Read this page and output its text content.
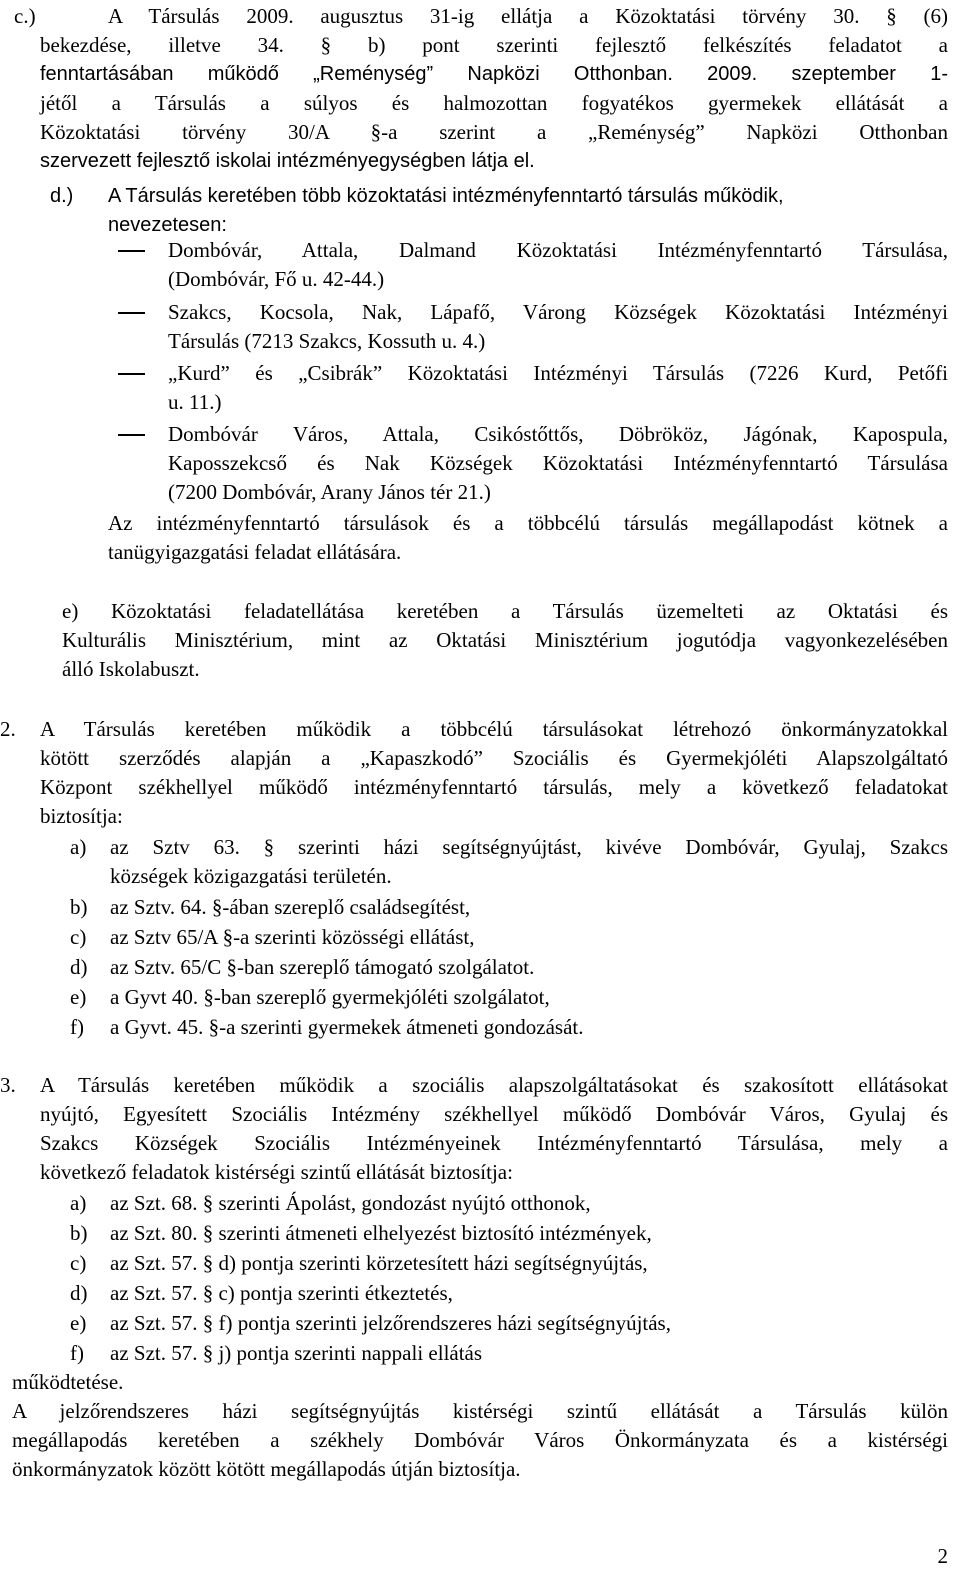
c.)	A Társulás 2009. augusztus 31-ig ellátja a Közoktatási törvény 30. § (6)
bekezdése, illetve 34. § b) pont szerinti fejlesztő felkészítés feladatot a
fenntartásában működő „Reménység” Napközi Otthonban. 2009. szeptember 1-
jétől a Társulás a súlyos és halmozottan fogyatékos gyermekek ellátását a
Közoktatási törvény 30/A §-a szerint a „Reménység” Napközi Otthonban
szervezett fejlesztő iskolai intézményegységben látja el.
d.) A Társulás keretében több közoktatási intézményfenntartó társulás működik,
nevezetesen:
Dombóvár, Attala, Dalmand Közoktatási Intézményfenntartó Társulása,
(Dombóvár, Fő u. 42-44.)
Szakcs, Kocsola, Nak, Lápafő, Várong Községek Közoktatási Intézményi
Társulás (7213 Szakcs, Kossuth u. 4.)
„Kurd” és „Csibrák” Közoktatási Intézményi Társulás (7226 Kurd, Petőfi
u. 11.)
Dombóvár Város, Attala, Csikóstőttős, Döbrököz, Jágónak, Kapospula,
Kaposszekcső és Nak Községek Közoktatási Intézményfenntartó Társulása
(7200 Dombóvár, Arany János tér 21.)
Az intézményfenntartó társulások és a többcélú társulás megállapodást kötnek a
tanügyigazgatási feladat ellátására.
e) Közoktatási feladatellátása keretében a Társulás üzemelteti az Oktatási és
Kulturális Minisztérium, mint az Oktatási Minisztérium jogutódja vagyonkezelésében
álló Iskolabuszt.
2. A Társulás keretében működik a többcélú társulásokat létrehozó önkormányzatokkal
kötött szerződés alapján a „Kapaszkodó” Szociális és Gyermekjóléti Alapszolgáltató
Központ székhellyel működő intézményfenntartó társulás, mely a következő feladatokat
biztosítja:
a) az Sztv 63. § szerinti házi segítségnyújtást, kivéve Dombóvár, Gyulaj, Szakcs
községek közigazgatási területén.
b) az Sztv. 64. §-ában szereplő családsegítést,
c) az Sztv 65/A §-a szerinti közösségi ellátást,
d) az Sztv. 65/C §-ban szereplő támogató szolgálatot.
e) a Gyvt 40. §-ban szereplő gyermekjóléti szolgálatot,
f) a Gyvt. 45. §-a szerinti gyermekek átmeneti gondozását.
3. A Társulás keretében működik a szociális alapszolgáltatásokat és szakosított ellátásokat
nyújtó, Egyesített Szociális Intézmény székhellyel működő Dombóvár Város, Gyulaj és
Szakcs Községek Szociális Intézményeinek Intézményfenntartó Társulása, mely a
következő feladatok kistérségi szintű ellátását biztosítja:
a) az Szt. 68. § szerinti Ápolást, gondozást nyújtó otthonok,
b) az Szt. 80. § szerinti átmeneti elhelyezést biztosító intézmények,
c) az Szt. 57. § d) pontja szerinti körzetesített házi segítségnyújtás,
d) az Szt. 57. § c) pontja szerinti étkeztetés,
e) az Szt. 57. § f) pontja szerinti jelzőrendszeres házi segítségnyújtás,
f) az Szt. 57. § j) pontja szerinti nappali ellátás
működtetése.
A jelzőrendszeres házi segítségnyújtás kistérségi szintű ellátását a Társulás külön
megállapodás keretében a székhely Dombóvár Város Önkormányzata és a kistérségi
önkormányzatok között kötött megállapodás útján biztosítja.
2
